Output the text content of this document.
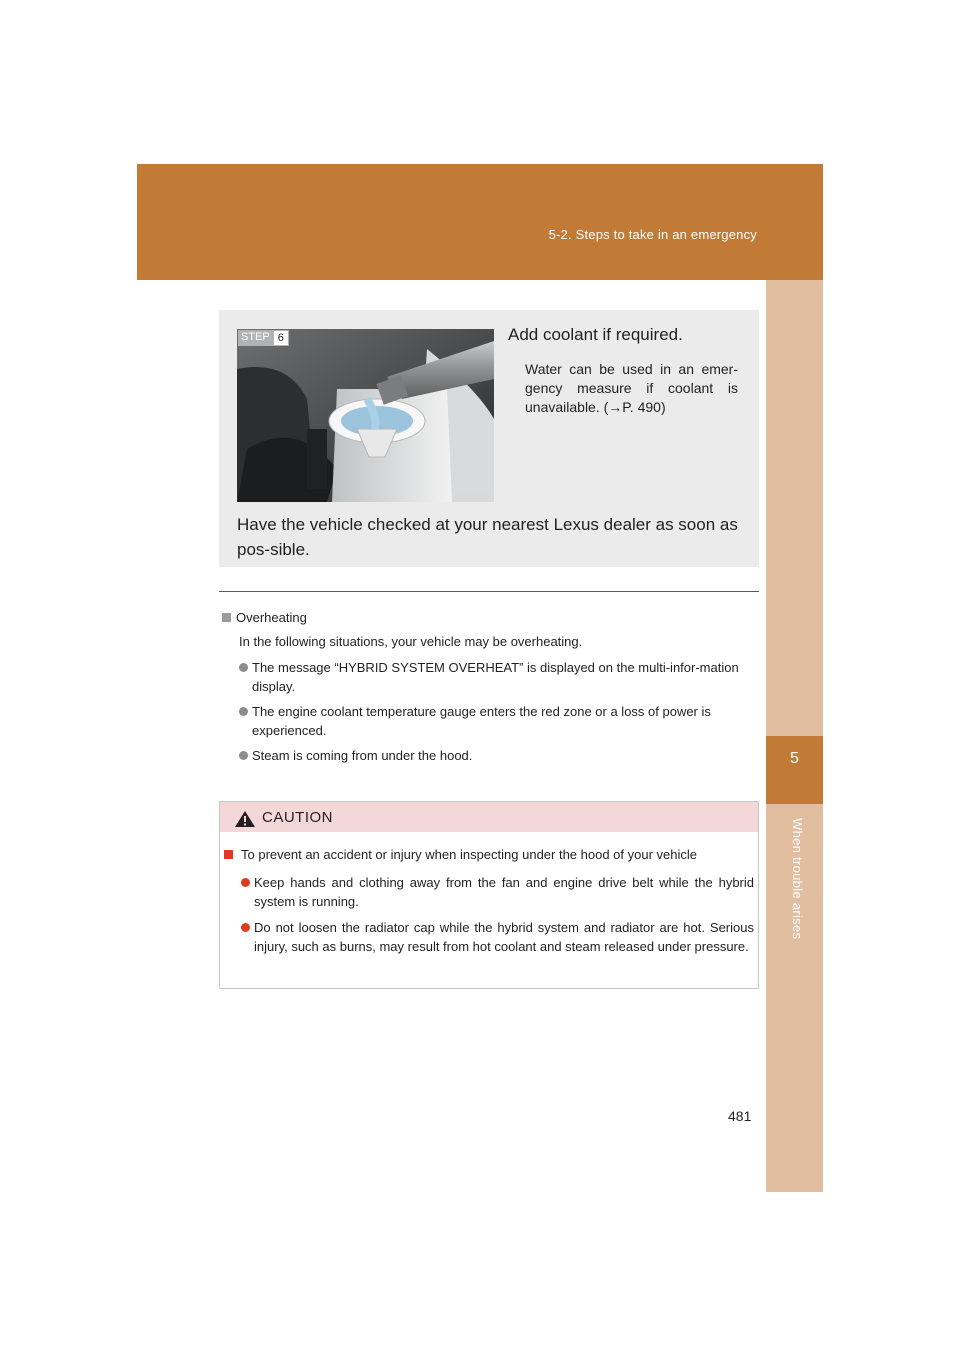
5-2. Steps to take in an emergency
5
When trouble arises
ILY52G024
STEP 6	Add coolant if required.
Water can be used in an emer-gency measure if coolant is unavailable. (→P. 490)
Have the vehicle checked at your nearest Lexus dealer as soon as pos-sible.
Overheating
In the following situations, your vehicle may be overheating.
The message “HYBRID SYSTEM OVERHEAT” is displayed on the multi-infor-mation display.
The engine coolant temperature gauge enters the red zone or a loss of power is experienced.
Steam is coming from under the hood.
CAUTION
To prevent an accident or injury when inspecting under the hood of your vehicle
Keep hands and clothing away from the fan and engine drive belt while the hybrid system is running.
Do not loosen the radiator cap while the hybrid system and radiator are hot. Serious injury, such as burns, may result from hot coolant and steam released under pressure.
481
